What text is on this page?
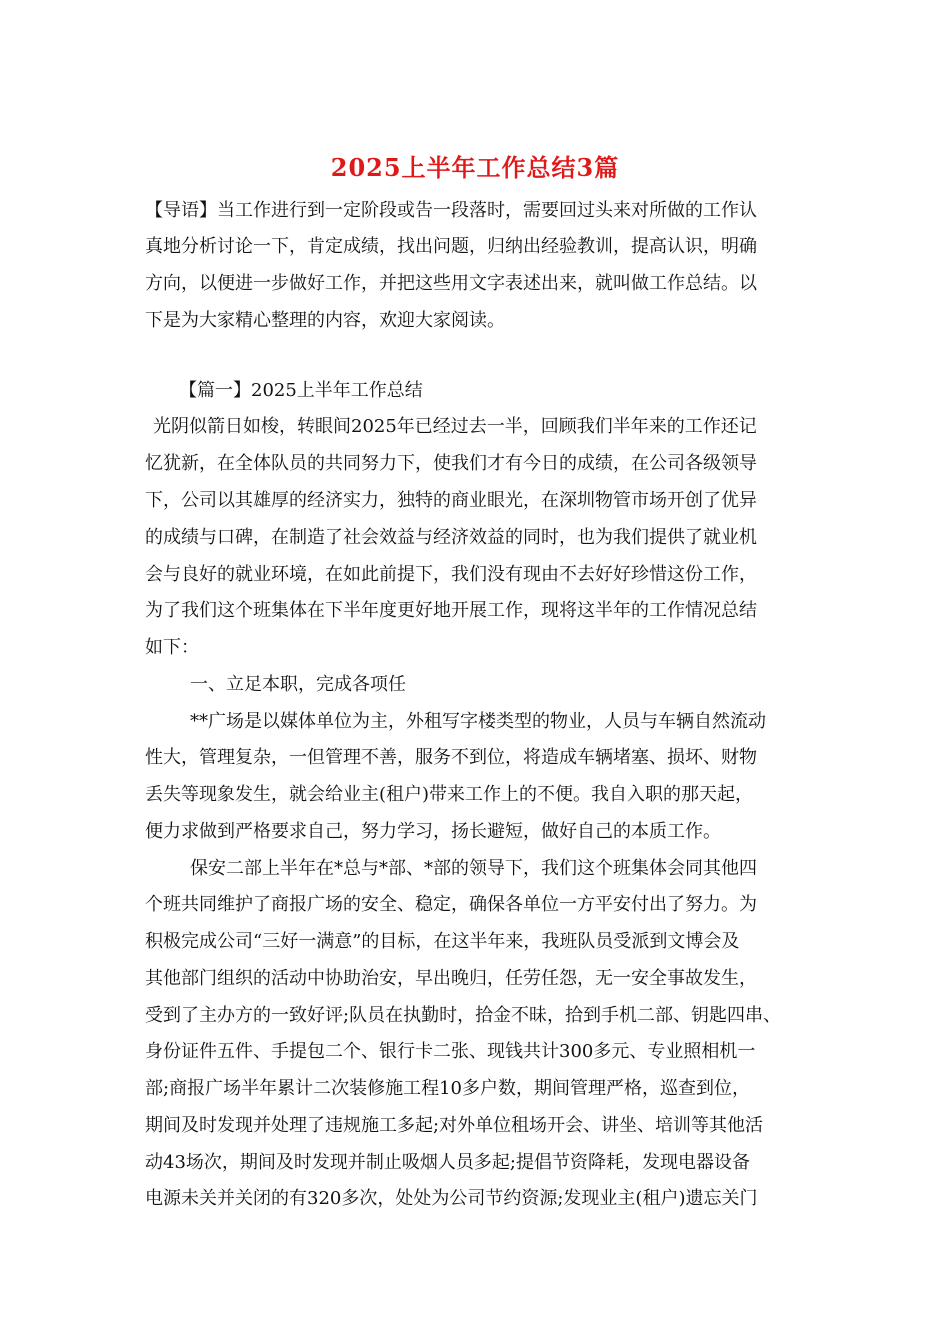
2025上半年工作总结3篇
【导语】当工作进行到一定阶段或告一段落时，需要回过头来对所做的工作认
真地分析讨论一下，肯定成绩，找出问题，归纳出经验教训，提高认识，明确
方向，以便进一步做好工作，并把这些用文字表述出来，就叫做工作总结。以
下是为大家精心整理的内容，欢迎大家阅读。
【篇一】2025上半年工作总结
光阴似箭日如梭，转眼间2025年已经过去一半，回顾我们半年来的工作还记
忆犹新，在全体队员的共同努力下，使我们才有今日的成绩，在公司各级领导
下，公司以其雄厚的经济实力，独特的商业眼光，在深圳物管市场开创了优异
的成绩与口碑，在制造了社会效益与经济效益的同时，也为我们提供了就业机
会与良好的就业环境，在如此前提下，我们没有现由不去好好珍惜这份工作，
为了我们这个班集体在下半年度更好地开展工作，现将这半年的工作情况总结
如下：
一、立足本职，完成各项任
**广场是以媒体单位为主，外租写字楼类型的物业，人员与车辆自然流动
性大，管理复杂，一但管理不善，服务不到位，将造成车辆堵塞、损坏、财物
丢失等现象发生，就会给业主(租户)带来工作上的不便。我自入职的那天起，
便力求做到严格要求自己，努力学习，扬长避短，做好自己的本质工作。
保安二部上半年在*总与*部、*部的领导下，我们这个班集体会同其他四
个班共同维护了商报广场的安全、稳定，确保各单位一方平安付出了努力。为
积极完成公司“三好一满意”的目标，在这半年来，我班队员受派到文博会及
其他部门组织的活动中协助治安，早出晚归，任劳任怨，无一安全事故发生，
受到了主办方的一致好评;队员在执勤时，拾金不昧，拾到手机二部、钥匙四串、
身份证件五件、手提包二个、银行卡二张、现钱共计300多元、专业照相机一
部;商报广场半年累计二次装修施工程10多户数，期间管理严格，巡查到位，
期间及时发现并处理了违规施工多起;对外单位租场开会、讲坐、培训等其他活
动43场次，期间及时发现并制止吸烟人员多起;提倡节资降耗，发现电器设备
电源未关并关闭的有320多次，处处为公司节约资源;发现业主(租户)遗忘关门
